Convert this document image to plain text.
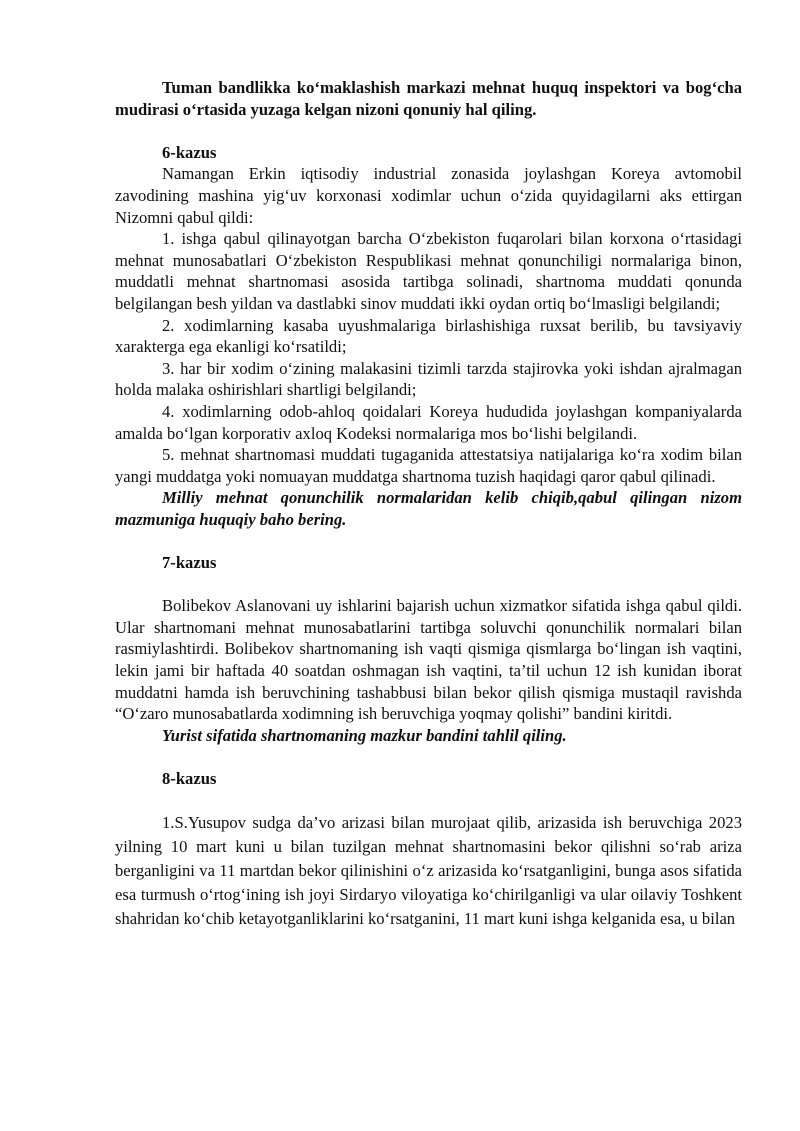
Tuman bandlikka ko‘maklashish markazi mehnat huquq inspektori va bog‘cha mudirasi o‘rtasida yuzaga kelgan nizoni qonuniy hal qiling.

6-kazus

Namangan Erkin iqtisodiy industrial zonasida joylashgan Koreya avtomobil zavodining mashina yig‘uv korxonasi xodimlar uchun o‘zida quyidagilarni aks ettirgan Nizomni qabul qildi:

1. ishga qabul qilinayotgan barcha O‘zbekiston fuqarolari bilan korxona o‘rtasidagi mehnat munosabatlari O‘zbekiston Respublikasi mehnat qonunchiligi normalariga binon, muddatli mehnat shartnomasi asosida tartibga solinadi, shartnoma muddati qonunda belgilangan besh yildan va dastlabki sinov muddati ikki oydan ortiq bo‘lmasligi belgilandi;

2. xodimlarning kasaba uyushmalariga birlashishiga ruxsat berilib, bu tavsiyaviy xarakterga ega ekanligi ko‘rsatildi;

3. har bir xodim o‘zining malakasini tizimli tarzda stajirovka yoki ishdan ajralmagan holda malaka oshirishlari shartligi belgilandi;

4. xodimlarning odob-ahloq qoidalari Koreya hududida joylashgan kompaniyalarda amalda bo‘lgan korporativ axloq Kodeksi normalariga mos bo‘lishi belgilandi.

5. mehnat shartnomasi muddati tugaganida attestatsiya natijalariga ko‘ra xodim bilan yangi muddatga yoki nomuayan muddatga shartnoma tuzish haqidagi qaror qabul qilinadi.

Milliy mehnat qonunchilik normalaridan kelib chiqib,qabul qilingan nizom mazmuniga huquqiy baho bering.

7-kazus

Bolibekov Aslanovani uy ishlarini bajarish uchun xizmatkor sifatida ishga qabul qildi. Ular shartnomani mehnat munosabatlarini tartibga soluvchi qonunchilik normalari bilan rasmiylashtirdi. Bolibekov shartnomaning ish vaqti qismiga qismlarga bo‘lingan ish vaqtini, lekin jami bir haftada 40 soatdan oshmagan ish vaqtini, ta’til uchun 12 ish kunidan iborat muddatni hamda ish beruvchining tashabbusi bilan bekor qilish qismiga mustaqil ravishda “O‘zaro munosabatlarda xodimning ish beruvchiga yoqmay qolishi” bandini kiritdi.

Yurist sifatida shartnomaning mazkur bandini tahlil qiling.

8-kazus

1.S.Yusupov sudga da’vo arizasi bilan murojaat qilib, arizasida ish beruvchiga 2023 yilning 10 mart kuni u bilan tuzilgan mehnat shartnomasini bekor qilishni so‘rab ariza berganligini va 11 martdan bekor qilinishini o‘z arizasida ko‘rsatganligini, bunga asos sifatida esa turmush o‘rtog‘ining ish joyi Sirdaryo viloyatiga ko‘chirilganligi va ular oilaviy Toshkent shahridan ko‘chib ketayotganliklarini ko‘rsatganini, 11 mart kuni ishga kelganida esa, u bilan
